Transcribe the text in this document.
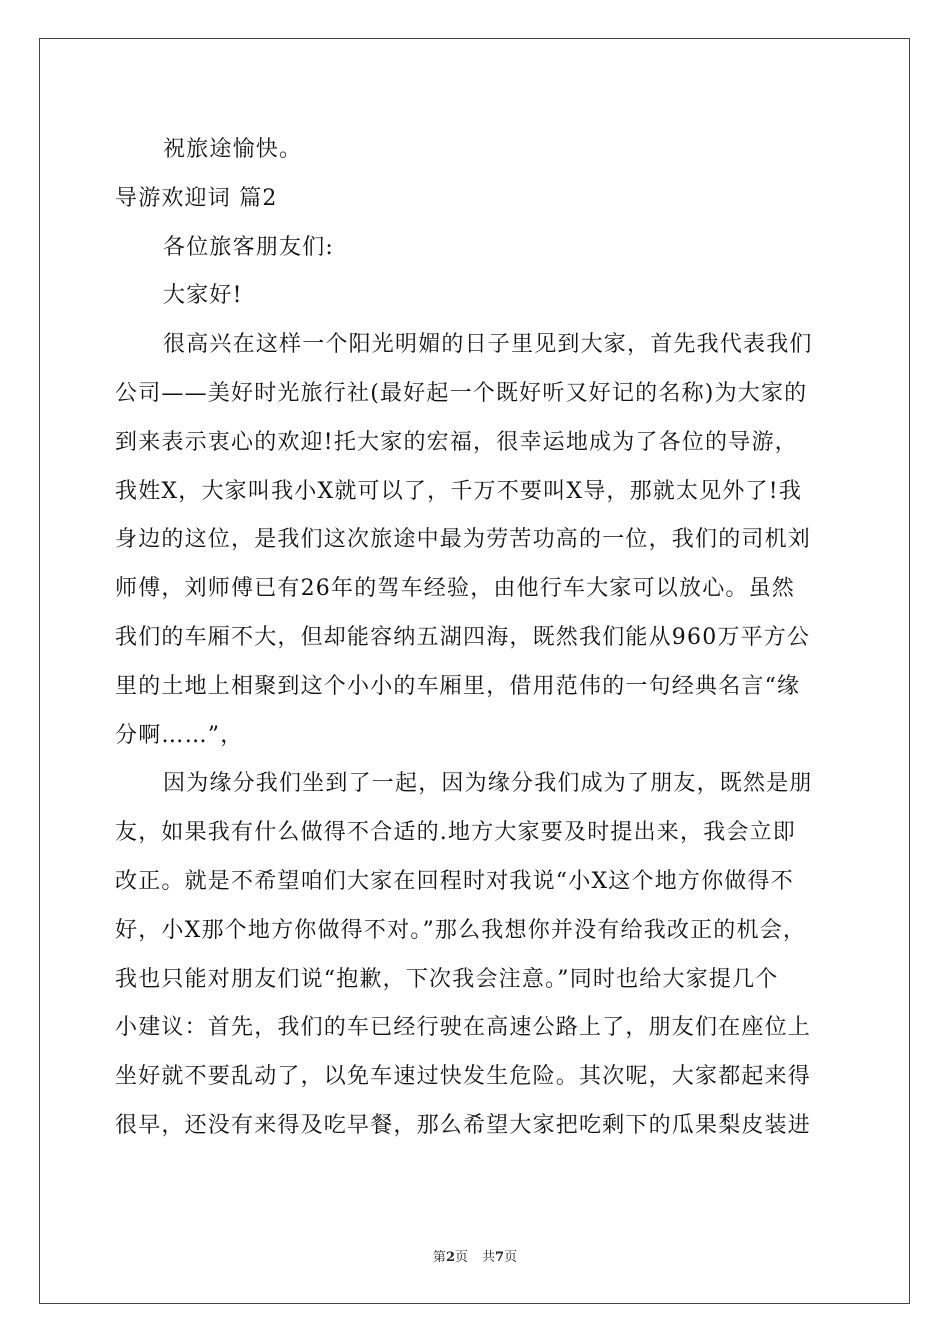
祝旅途愉快。
导游欢迎词 篇2
各位旅客朋友们:
大家好!
很高兴在这样一个阳光明媚的日子里见到大家，首先我代表我们
公司——美好时光旅行社(最好起一个既好听又好记的名称)为大家的
到来表示衷心的欢迎!托大家的宏福，很幸运地成为了各位的导游，
我姓X，大家叫我小X就可以了，千万不要叫X导，那就太见外了!我
身边的这位，是我们这次旅途中最为劳苦功高的一位，我们的司机刘
师傅，刘师傅已有26年的驾车经验，由他行车大家可以放心。虽然
我们的车厢不大，但却能容纳五湖四海，既然我们能从960万平方公
里的土地上相聚到这个小小的车厢里，借用范伟的一句经典名言“缘
分啊……”，
因为缘分我们坐到了一起，因为缘分我们成为了朋友，既然是朋
友，如果我有什么做得不合适的.地方大家要及时提出来，我会立即
改正。就是不希望咱们大家在回程时对我说“小X这个地方你做得不
好，小X那个地方你做得不对。”那么我想你并没有给我改正的机会，
我也只能对朋友们说“抱歉，下次我会注意。”同时也给大家提几个
小建议：首先，我们的车已经行驶在高速公路上了，朋友们在座位上
坐好就不要乱动了，以免车速过快发生危险。其次呢，大家都起来得
很早，还没有来得及吃早餐，那么希望大家把吃剩下的瓜果梨皮装进
第2页 共7页
